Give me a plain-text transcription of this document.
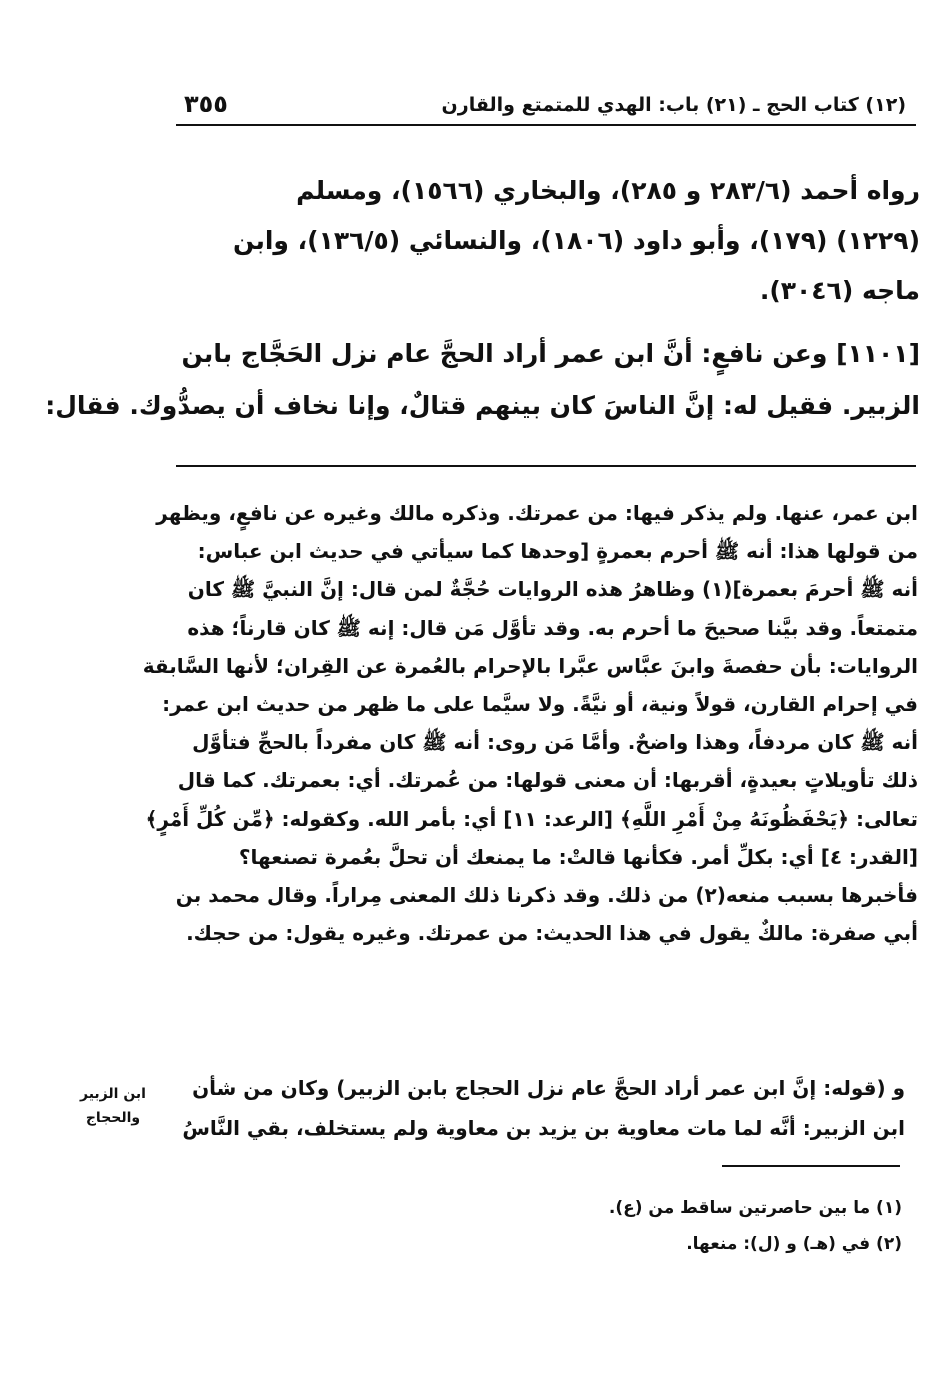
٣٥٥	(١٢) كتاب الحج ـ (٢١) باب: الهدي للمتمتع والقارن
رواه أحمد (٢٨٣/٦ و ٢٨٥)، والبخاري (١٥٦٦)، ومسلم
(١٢٢٩) (١٧٩)، وأبو داود (١٨٠٦)، والنسائي (١٣٦/٥)، وابن
ماجه (٣٠٤٦).
[١١٠١] وعن نافعٍ: أنَّ ابن عمر أراد الحجَّ عام نزل الحَجَّاج بابن
الزبير. فقيل له: إنَّ الناسَ كان بينهم قتالٌ، وإنا نخاف أن يصدُّوك. فقال:
ابن عمر، عنها. ولم يذكر فيها: من عمرتك. وذكره مالك وغيره عن نافعٍ، ويظهر
من قولها هذا: أنه ﷺ أحرم بعمرةٍ [وحدها كما سيأتي في حديث ابن عباس:
أنه ﷺ أحرمَ بعمرة](١) وظاهرُ هذه الروايات حُجَّةٌ لمن قال: إنَّ النبيَّ ﷺ كان
متمتعاً. وقد بيَّنا صحيحَ ما أحرم به. وقد تأوَّل مَن قال: إنه ﷺ كان قارناً؛ هذه
الروايات: بأن حفصةَ وابنَ عبَّاس عبَّرا بالإحرام بالعُمرة عن القِران؛ لأنها السَّابقة
في إحرام القارن، قولاً ونية، أو نيَّةً. ولا سيَّما على ما ظهر من حديث ابن عمر:
أنه ﷺ كان مردفاً، وهذا واضحٌ. وأمَّا مَن روى: أنه ﷺ كان مفرداً بالحجِّ فتأوَّل
ذلك تأويلاتٍ بعيدةٍ، أقربها: أن معنى قولها: من عُمرتك. أي: بعمرتك. كما قال
تعالى: ﴿يَحْفَظُونَهُ مِنْ أَمْرِ اللَّهِ﴾ [الرعد: ١١] أي: بأمر الله. وكقوله: ﴿مِّن كُلِّ أَمْرٍ﴾
[القدر: ٤] أي: بكلِّ أمر. فكأنها قالتْ: ما يمنعك أن تحلَّ بعُمرة تصنعها؟
فأخبرها بسبب منعه(٢) من ذلك. وقد ذكرنا ذلك المعنى مِراراً. وقال محمد بن
أبي صفرة: مالكٌ يقول في هذا الحديث: من عمرتك. وغيره يقول: من حجك.
و (قوله: إنَّ ابن عمر أراد الحجَّ عام نزل الحجاج بابن الزبير) وكان من شأن
ابن الزبير: أنَّه لما مات معاوية بن يزيد بن معاوية ولم يستخلف، بقي النَّاسُ
ابن الزبير
والحجاج
(١) ما بين حاصرتين ساقط من (ع).
(٢) في (هـ) و (ل): منعها.
